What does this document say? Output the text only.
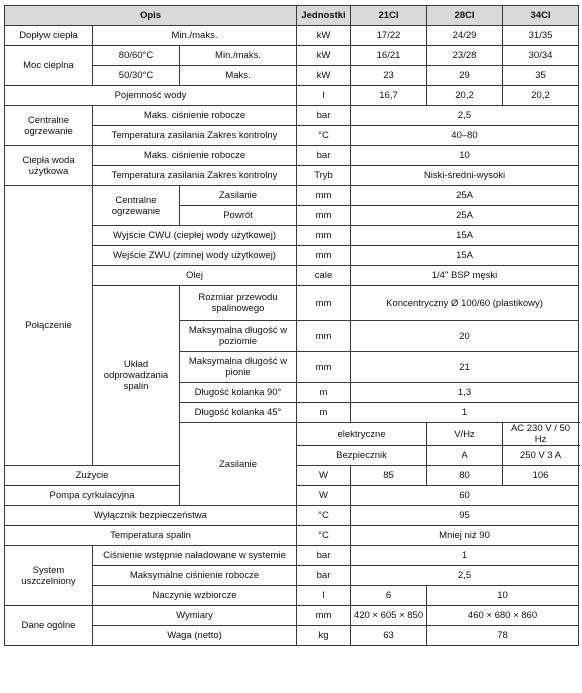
Opis			Jednostki	21CI	28CI	34CI
Dopływ ciepła	Min./maks.		kW	17/22	24/29	31/35
Moc cieplna	80/60°C	Min./maks.	kW	16/21	23/28	30/34
	50/30°C	Maks.	kW	23	29	35
Pojemność wody			l	16,7	20,2	20,2
Centralne ogrzewanie	Maks. ciśnienie robocze		bar	2,5		
	Temperatura zasilania Zakres kontrolny		°C	40–80		
Ciepła woda użytkowa	Maks. ciśnienie robocze		bar	10		
	Temperatura zasilania Zakres kontrolny		Tryb	Niski-średni-wysoki		
Połączenie	Centralne ogrzewanie	Zasilanie	mm	25A		
		Powrót	mm	25A		
	Wyjście CWU (ciepłej wody użytkowej)		mm	15A		
	Wejście ZWU (zimnej wody użytkowej)		mm	15A		
	Olej		cale	1/4" BSP męski		
	Układ odprowadzania spalin	Rozmiar przewodu spalinowego	mm	Koncentryczny Ø 100/60 (plastikowy)		
		Maksymalna długość w poziomie	mm	20		
		Maksymalna długość w pionie	mm	21		
		Długość kolanka 90°	m	1,3		
		Długość kolanka 45°	m	1		
		Zasilanie	elektryczne		V/Hz	AC 230 V / 50 Hz
			Bezpiecznik		A	250 V 3 A
Zużycie			W	85	80	106
Pompa cyrkulacyjna			W	60		
Wyłącznik bezpieczeństwa			°C	95		
Temperatura spalin			°C	Mniej niż 90		
System uszczelniony	Ciśnienie wstępnie naładowane w systemie		bar	1		
	Maksymalne ciśnienie robocze		bar	2,5		
	Naczynie wzbiorcze		l	6	10	
Dane ogólne	Wymiary		mm	420 × 605 × 850	460 × 680 × 860	
	Waga (netto)		kg	63	78	
